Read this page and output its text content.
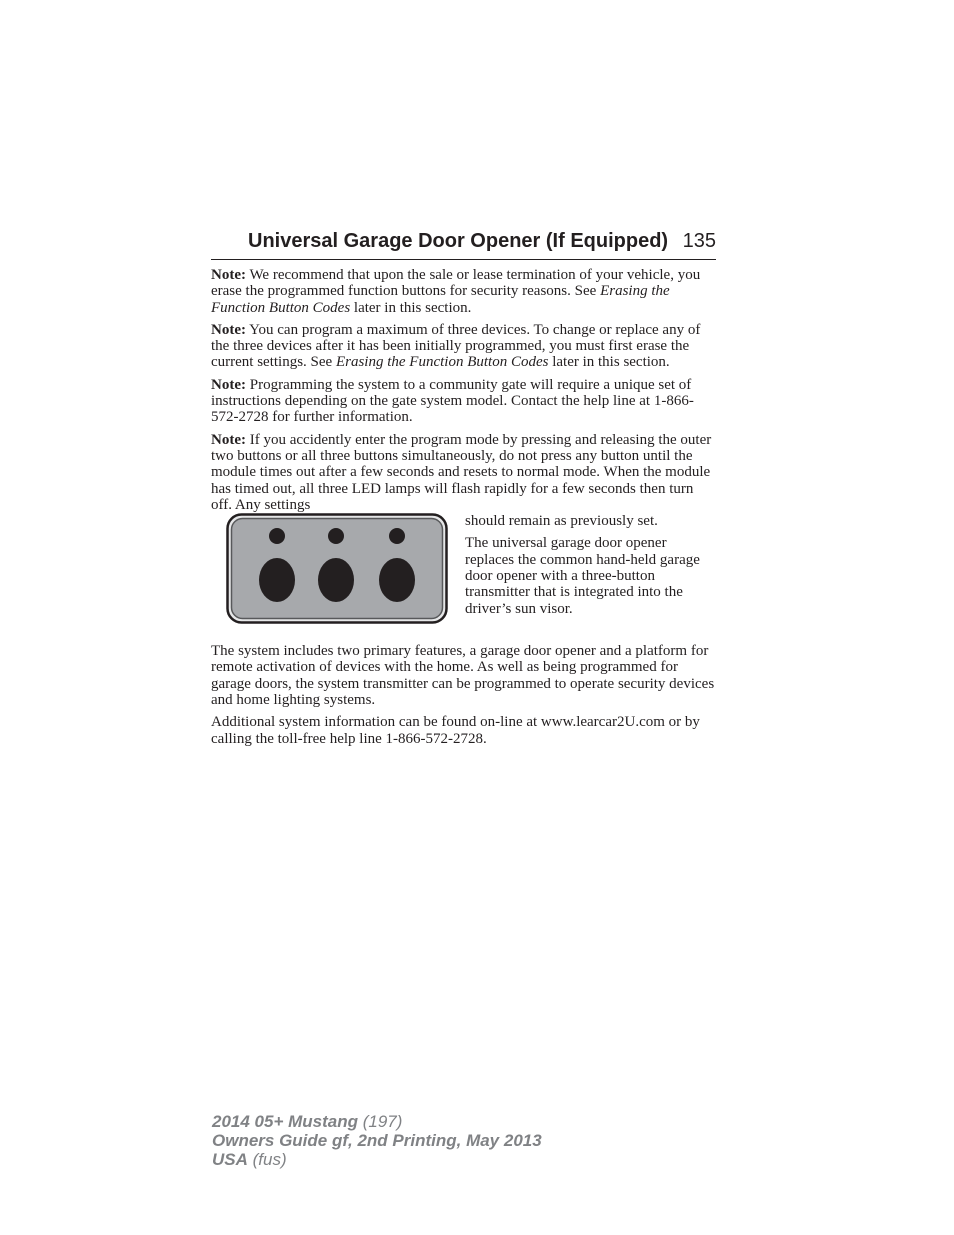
Universal Garage Door Opener (If Equipped) 135

Note: We recommend that upon the sale or lease termination of your vehicle, you erase the programmed function buttons for security reasons. See Erasing the Function Button Codes later in this section.

Note: You can program a maximum of three devices. To change or replace any of the three devices after it has been initially programmed, you must first erase the current settings. See Erasing the Function Button Codes later in this section.

Note: Programming the system to a community gate will require a unique set of instructions depending on the gate system model. Contact the help line at 1-866-572-2728 for further information.

Note: If you accidently enter the program mode by pressing and releasing the outer two buttons or all three buttons simultaneously, do not press any button until the module times out after a few seconds and resets to normal mode. When the module has timed out, all three LED lamps will flash rapidly for a few seconds then turn off. Any settings

should remain as previously set.

The universal garage door opener replaces the common hand-held garage door opener with a three-button transmitter that is integrated into the driver’s sun visor.

The system includes two primary features, a garage door opener and a platform for remote activation of devices with the home. As well as being programmed for garage doors, the system transmitter can be programmed to operate security devices and home lighting systems.

Additional system information can be found on-line at www.learcar2U.com or by calling the toll-free help line 1-866-572-2728.

2014 05+ Mustang (197)
Owners Guide gf, 2nd Printing, May 2013
USA (fus)
